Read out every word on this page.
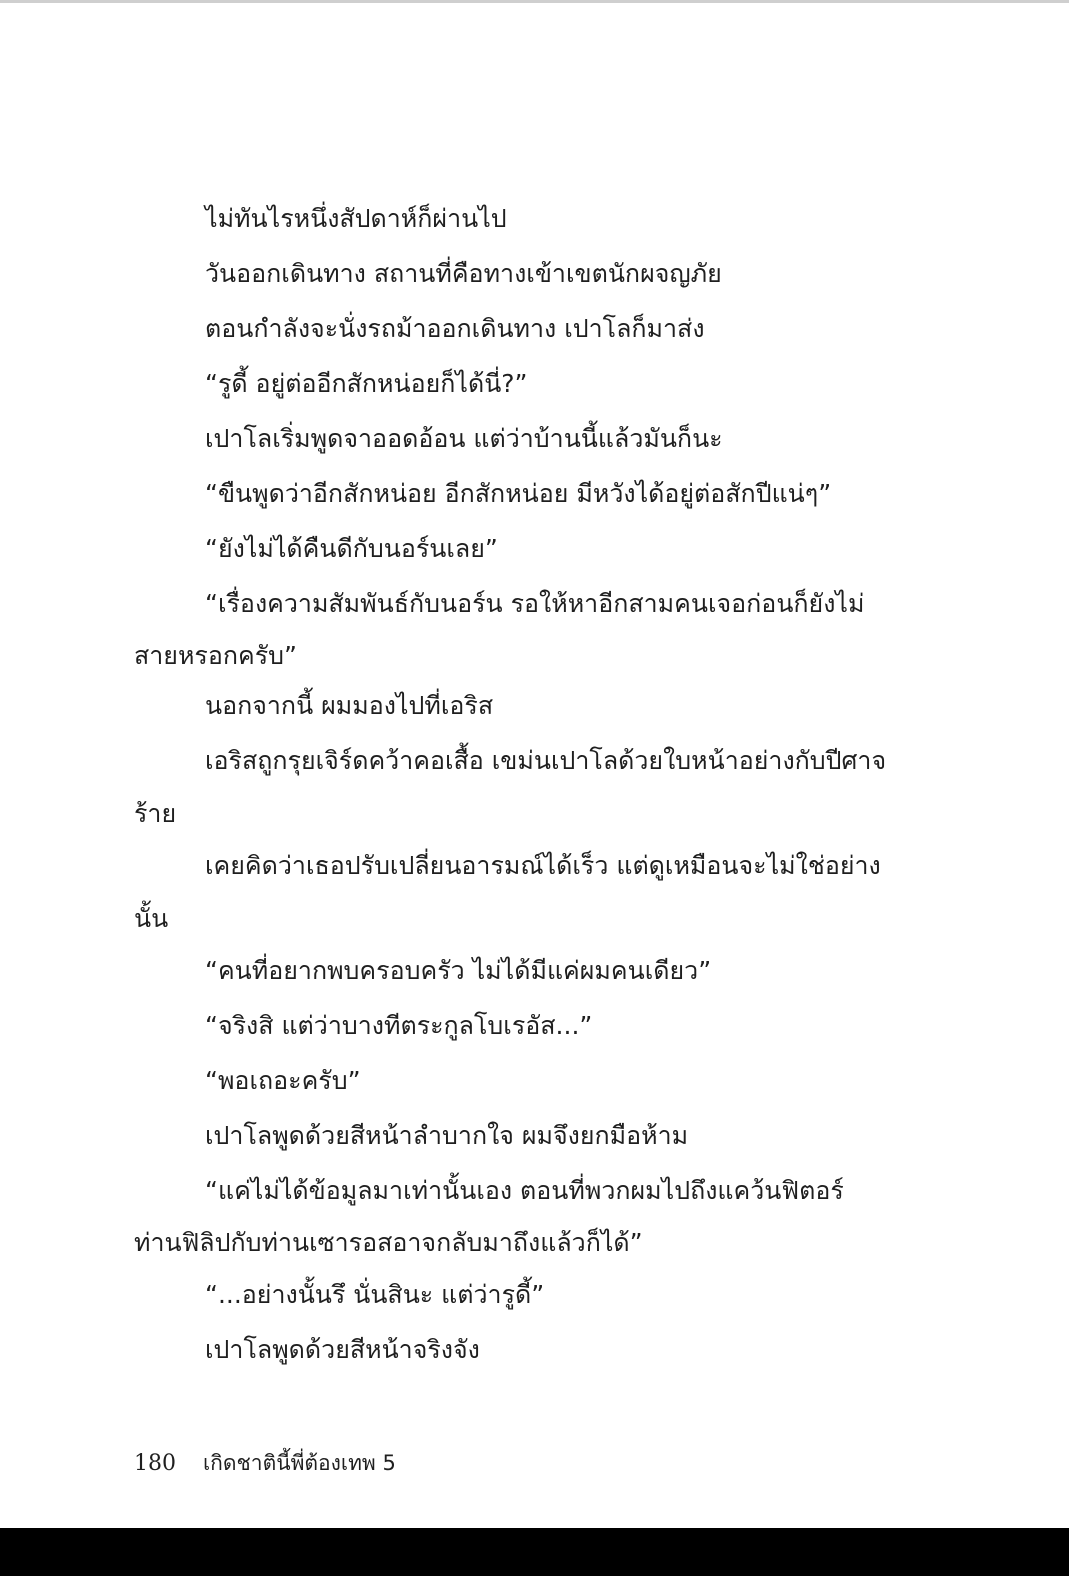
ไม่ทันไรหนึ่งสัปดาห์ก็ผ่านไป
วันออกเดินทาง สถานที่คือทางเข้าเขตนักผจญภัย
ตอนกำลังจะนั่งรถม้าออกเดินทาง เปาโลก็มาส่ง
“รูดี้ อยู่ต่ออีกสักหน่อยก็ได้นี่?”
เปาโลเริ่มพูดจาออดอ้อน แต่ว่าบ้านนี้แล้วมันก็นะ
“ขืนพูดว่าอีกสักหน่อย อีกสักหน่อย มีหวังได้อยู่ต่อสักปีแน่ๆ”
“ยังไม่ได้คืนดีกับนอร์นเลย”
“เรื่องความสัมพันธ์กับนอร์น รอให้หาอีกสามคนเจอก่อนก็ยังไม่
สายหรอกครับ”
นอกจากนี้ ผมมองไปที่เอริส
เอริสถูกรุยเจิร์ดคว้าคอเสื้อ เขม่นเปาโลด้วยใบหน้าอย่างกับปีศาจ
ร้าย
เคยคิดว่าเธอปรับเปลี่ยนอารมณ์ได้เร็ว แต่ดูเหมือนจะไม่ใช่อย่าง
นั้น
“คนที่อยากพบครอบครัว ไม่ได้มีแค่ผมคนเดียว”
“จริงสิ แต่ว่าบางทีตระกูลโบเรอัส...”
“พอเถอะครับ”
เปาโลพูดด้วยสีหน้าลำบากใจ ผมจึงยกมือห้าม
“แค่ไม่ได้ข้อมูลมาเท่านั้นเอง ตอนที่พวกผมไปถึงแคว้นฟิตอร์
ท่านฟิลิปกับท่านเซารอสอาจกลับมาถึงแล้วก็ได้”
“...อย่างนั้นรึ นั่นสินะ แต่ว่ารูดี้”
เปาโลพูดด้วยสีหน้าจริงจัง
180 เกิดชาตินี้พี่ต้องเทพ 5
